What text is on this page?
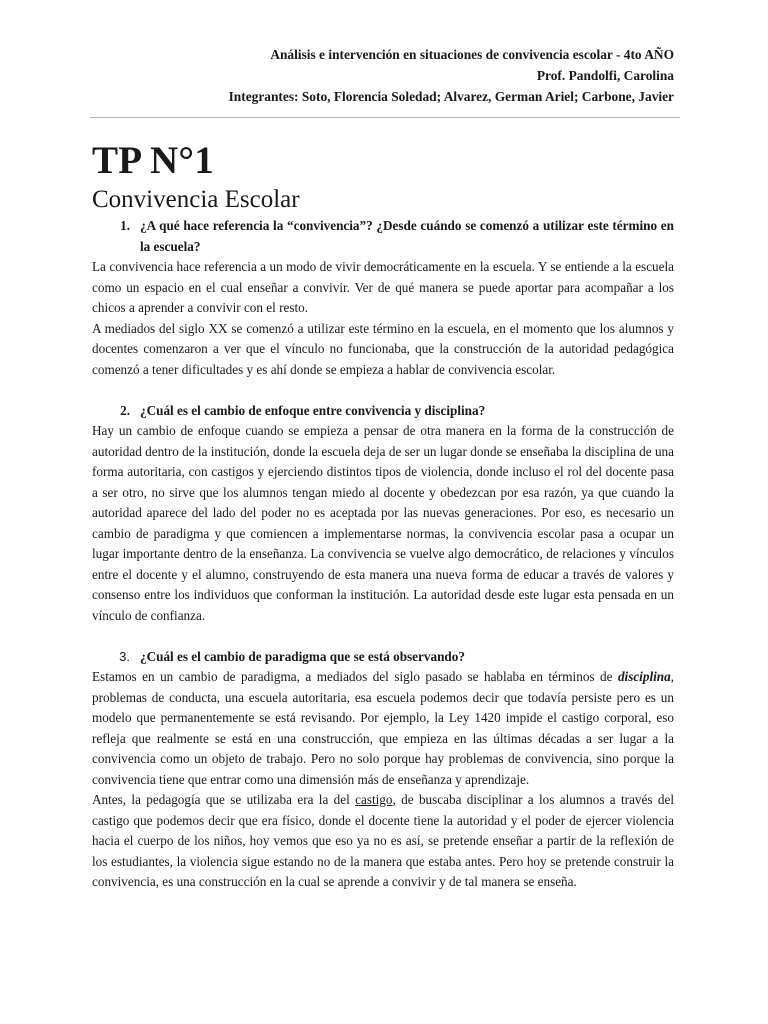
Análisis e intervención en situaciones de convivencia escolar - 4to AÑO
Prof. Pandolfi, Carolina
Integrantes: Soto, Florencia Soledad; Alvarez, German Ariel; Carbone, Javier
TP N°1
Convivencia Escolar
1. ¿A qué hace referencia la “convivencia”? ¿Desde cuándo se comenzó a utilizar este término en la escuela?

La convivencia hace referencia a un modo de vivir democráticamente en la escuela. Y se entiende a la escuela como un espacio en el cual enseñar a convivir. Ver de qué manera se puede aportar para acompañar a los chicos a aprender a convivir con el resto.

A mediados del siglo XX se comenzó a utilizar este término en la escuela, en el momento que los alumnos y docentes comenzaron a ver que el vínculo no funcionaba, que la construcción de la autoridad pedagógica comenzó a tener dificultades y es ahí donde se empieza a hablar de convivencia escolar.

2. ¿Cuál es el cambio de enfoque entre convivencia y disciplina?

Hay un cambio de enfoque cuando se empieza a pensar de otra manera en la forma de la construcción de autoridad dentro de la institución, donde la escuela deja de ser un lugar donde se enseñaba la disciplina de una forma autoritaria, con castigos y ejerciendo distintos tipos de violencia, donde incluso el rol del docente pasa a ser otro, no sirve que los alumnos tengan miedo al docente y obedezcan por esa razón, ya que cuando la autoridad aparece del lado del poder no es aceptada por las nuevas generaciones. Por eso, es necesario un cambio de paradigma y que comiencen a implementarse normas, la convivencia escolar pasa a ocupar un lugar importante dentro de la enseñanza. La convivencia se vuelve algo democrático, de relaciones y vínculos entre el docente y el alumno, construyendo de esta manera una nueva forma de educar a través de valores y consenso entre los individuos que conforman la institución. La autoridad desde este lugar esta pensada en un vínculo de confianza.

3. ¿Cuál es el cambio de paradigma que se está observando?

Estamos en un cambio de paradigma, a mediados del siglo pasado se hablaba en términos de disciplina, problemas de conducta, una escuela autoritaria, esa escuela podemos decir que todavía persiste pero es un modelo que permanentemente se está revisando. Por ejemplo, la Ley 1420 impide el castigo corporal, eso refleja que realmente se está en una construcción, que empieza en las últimas décadas a ser lugar a la convivencia como un objeto de trabajo. Pero no solo porque hay problemas de convivencia, sino porque la convivencia tiene que entrar como una dimensión más de enseñanza y aprendizaje.

Antes, la pedagogía que se utilizaba era la del castigo, de buscaba disciplinar a los alumnos a través del castigo que podemos decir que era físico, donde el docente tiene la autoridad y el poder de ejercer violencia hacia el cuerpo de los niños, hoy vemos que eso ya no es así, se pretende enseñar a partir de la reflexión de los estudiantes, la violencia sigue estando no de la manera que estaba antes. Pero hoy se pretende construir la convivencia, es una construcción en la cual se aprende a convivir y de tal manera se enseña.
